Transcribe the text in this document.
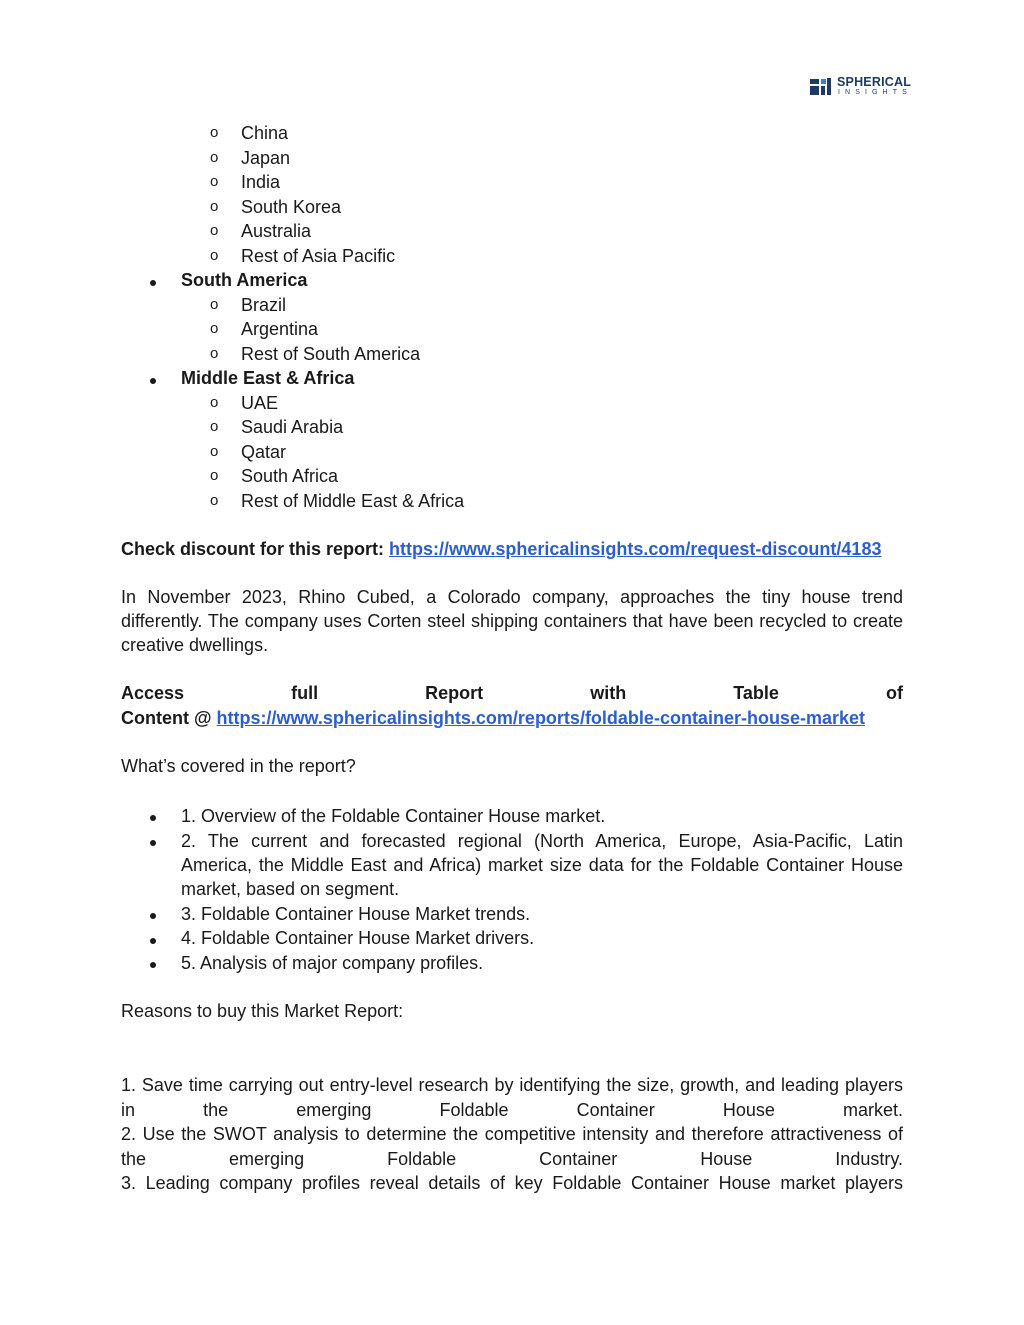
SPHERICAL
INSIGHTS
o China
o Japan
o India
o South Korea
o Australia
o Rest of Asia Pacific
South America
o Brazil
o Argentina
o Rest of South America
Middle East & Africa
o UAE
o Saudi Arabia
o Qatar
o South Africa
o Rest of Middle East & Africa
Check discount for this report: https://www.sphericalinsights.com/request-discount/4183
In November 2023, Rhino Cubed, a Colorado company, approaches the tiny house trend
differently. The company uses Corten steel shipping containers that have been recycled to create
creative dwellings.
Access	full	Report	with	Table	of
Content @ https://www.sphericalinsights.com/reports/foldable-container-house-market
What’s covered in the report?
1. Overview of the Foldable Container House market.
2. The current and forecasted regional (North America, Europe, Asia-Pacific, Latin
America, the Middle East and Africa) market size data for the Foldable Container House
market, based on segment.
3. Foldable Container House Market trends.
4. Foldable Container House Market drivers.
5. Analysis of major company profiles.
Reasons to buy this Market Report:
1. Save time carrying out entry-level research by identifying the size, growth, and leading players
in the emerging Foldable Container House market.
2. Use the SWOT analysis to determine the competitive intensity and therefore attractiveness of
the emerging Foldable Container House Industry.
3. Leading company profiles reveal details of key Foldable Container House market players
